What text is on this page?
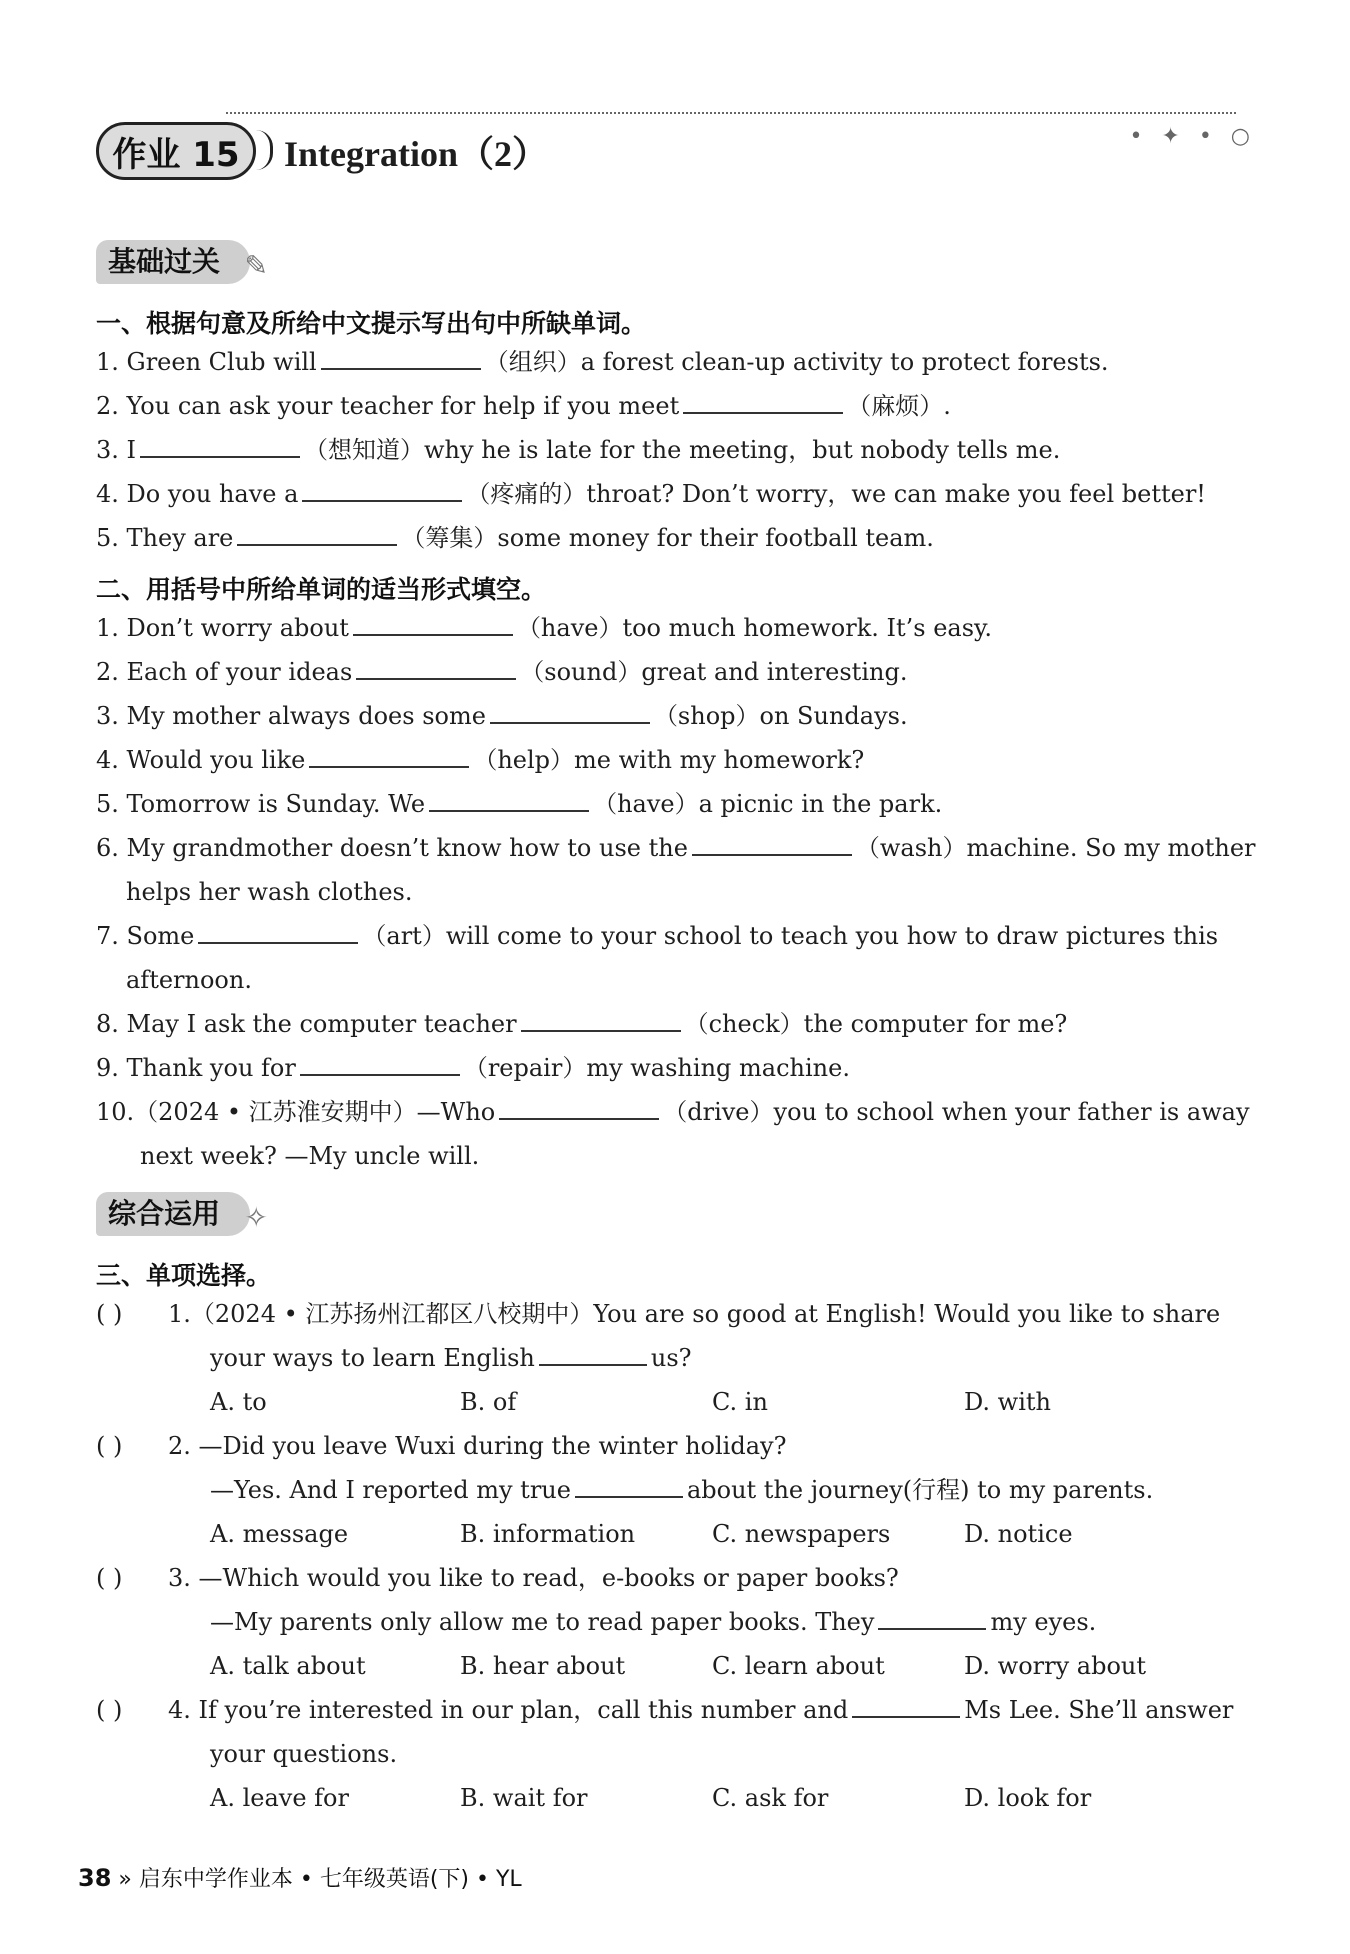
作业 15	Integration（2）	• ✦ • ○
基础过关 ✎
一、根据句意及所给中文提示写出句中所缺单词。
1. Green Club will	（组织）a forest clean-up activity to protect forests.
2. You can ask your teacher for help if you meet	（麻烦）.
3. I	（想知道）why he is late for the meeting，but nobody tells me.
4. Do you have a	（疼痛的）throat? Don’t worry，we can make you feel better!
5. They are	（筹集）some money for their football team.
二、用括号中所给单词的适当形式填空。
1. Don’t worry about	（have）too much homework. It’s easy.
2. Each of your ideas	（sound）great and interesting.
3. My mother always does some	（shop）on Sundays.
4. Would you like	（help）me with my homework?
5. Tomorrow is Sunday. We	（have）a picnic in the park.
6. My grandmother doesn’t know how to use the	（wash）machine. So my mother
helps her wash clothes.
7. Some	（art）will come to your school to teach you how to draw pictures this
afternoon.
8. May I ask the computer teacher	（check）the computer for me?
9. Thank you for	（repair）my washing machine.
10.（2024 • 江苏淮安期中）—Who	（drive）you to school when your father is away
next week? —My uncle will.
综合运用 ✧
三、单项选择。
( ) 1.（2024 • 江苏扬州江都区八校期中）You are so good at English! Would you like to share
your ways to learn English	us?
A. to	B. of	C. in	D. with
( ) 2. —Did you leave Wuxi during the winter holiday?
—Yes. And I reported my true	about the journey(行程) to my parents.
A. message	B. information	C. newspapers	D. notice
( ) 3. —Which would you like to read，e-books or paper books?
—My parents only allow me to read paper books. They	my eyes.
A. talk about	B. hear about	C. learn about	D. worry about
( ) 4. If you’re interested in our plan，call this number and	Ms Lee. She’ll answer
your questions.
A. leave for	B. wait for	C. ask for	D. look for
38 » 启东中学作业本 • 七年级英语(下) • YL
